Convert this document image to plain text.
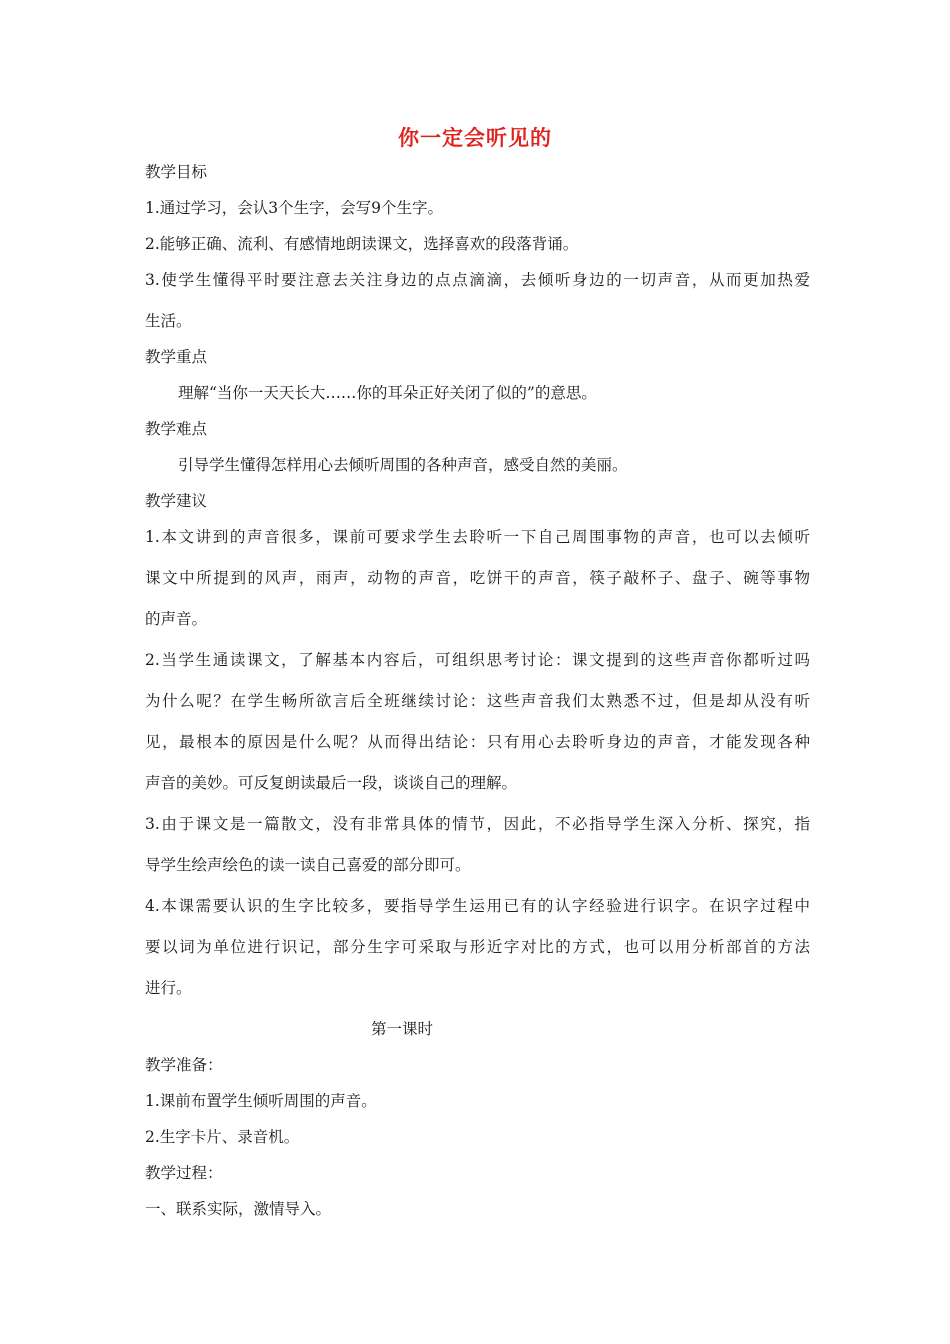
你一定会听见的
教学目标
1.通过学习，会认3个生字，会写9个生字。
2.能够正确、流利、有感情地朗读课文，选择喜欢的段落背诵。
3.使学生懂得平时要注意去关注身边的点点滴滴，去倾听身边的一切声音，从而更加热爱
生活。
教学重点
理解“当你一天天长大……你的耳朵正好关闭了似的”的意思。
教学难点
引导学生懂得怎样用心去倾听周围的各种声音，感受自然的美丽。
教学建议
1.本文讲到的声音很多，课前可要求学生去聆听一下自己周围事物的声音，也可以去倾听
课文中所提到的风声，雨声，动物的声音，吃饼干的声音，筷子敲杯子、盘子、碗等事物
的声音。
2.当学生通读课文，了解基本内容后，可组织思考讨论：课文提到的这些声音你都听过吗
为什么呢？在学生畅所欲言后全班继续讨论：这些声音我们太熟悉不过，但是却从没有听
见，最根本的原因是什么呢？从而得出结论：只有用心去聆听身边的声音，才能发现各种
声音的美妙。可反复朗读最后一段，谈谈自己的理解。
3.由于课文是一篇散文，没有非常具体的情节，因此，不必指导学生深入分析、探究，指
导学生绘声绘色的读一读自己喜爱的部分即可。
4.本课需要认识的生字比较多，要指导学生运用已有的认字经验进行识字。在识字过程中
要以词为单位进行识记，部分生字可采取与形近字对比的方式，也可以用分析部首的方法
进行。
第一课时
教学准备：
1.课前布置学生倾听周围的声音。
2.生字卡片、录音机。
教学过程：
一、联系实际，激情导入。
